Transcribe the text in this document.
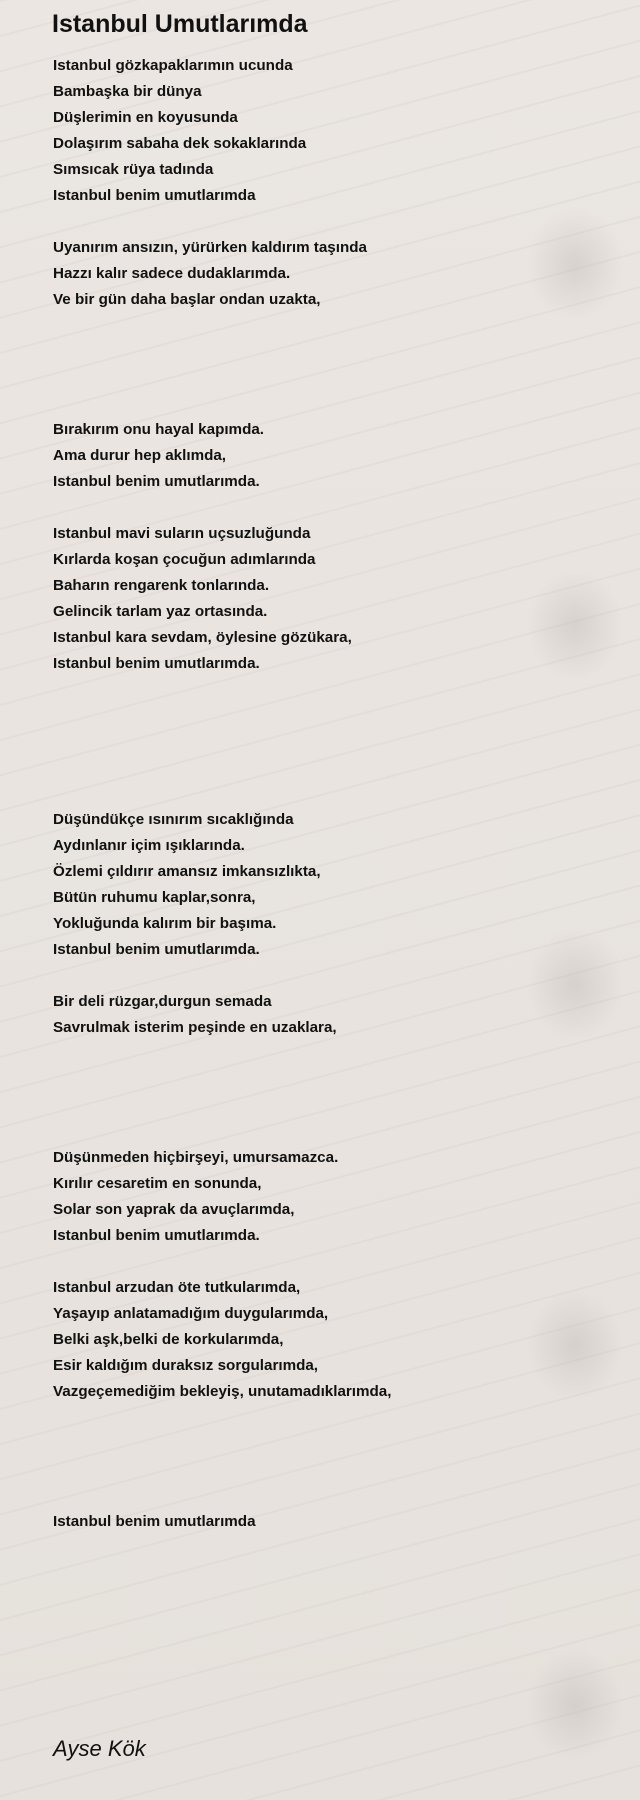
Istanbul Umutlarımda
Istanbul gözkapaklarımın ucunda
Bambaşka bir dünya
Düşlerimin en koyusunda
Dolaşırım sabaha dek sokaklarında
Sımsıcak rüya tadında
Istanbul benim umutlarımda
Uyanırım ansızın, yürürken kaldırım taşında
Hazzı kalır sadece dudaklarımda.
Ve bir gün daha başlar ondan uzakta,
Bırakırım onu hayal kapımda.
Ama durur hep aklımda,
Istanbul benim umutlarımda.
Istanbul mavi suların uçsuzluğunda
Kırlarda koşan çocuğun adımlarında
Baharın rengarenk tonlarında.
Gelincik tarlam yaz ortasında.
Istanbul kara sevdam, öylesine gözükara,
Istanbul benim umutlarımda.
Düşündükçe ısınırım sıcaklığında
Aydınlanır içim ışıklarında.
Özlemi çıldırır amansız imkansızlıkta,
Bütün ruhumu kaplar,sonra,
Yokluğunda kalırım bir başıma.
Istanbul benim umutlarımda.
Bir deli rüzgar,durgun semada
Savrulmak isterim peşinde en uzaklara,
Düşünmeden hiçbirşeyi, umursamazca.
Kırılır cesaretim en sonunda,
Solar son yaprak da avuçlarımda,
Istanbul benim umutlarımda.
Istanbul arzudan öte tutkularımda,
Yaşayıp anlatamadığım duygularımda,
Belki aşk,belki de korkularımda,
Esir kaldığım duraksız sorgularımda,
Vazgeçemediğim bekleyiş, unutamadıklarımda,
Istanbul benim umutlarımda
Ayse Kök
